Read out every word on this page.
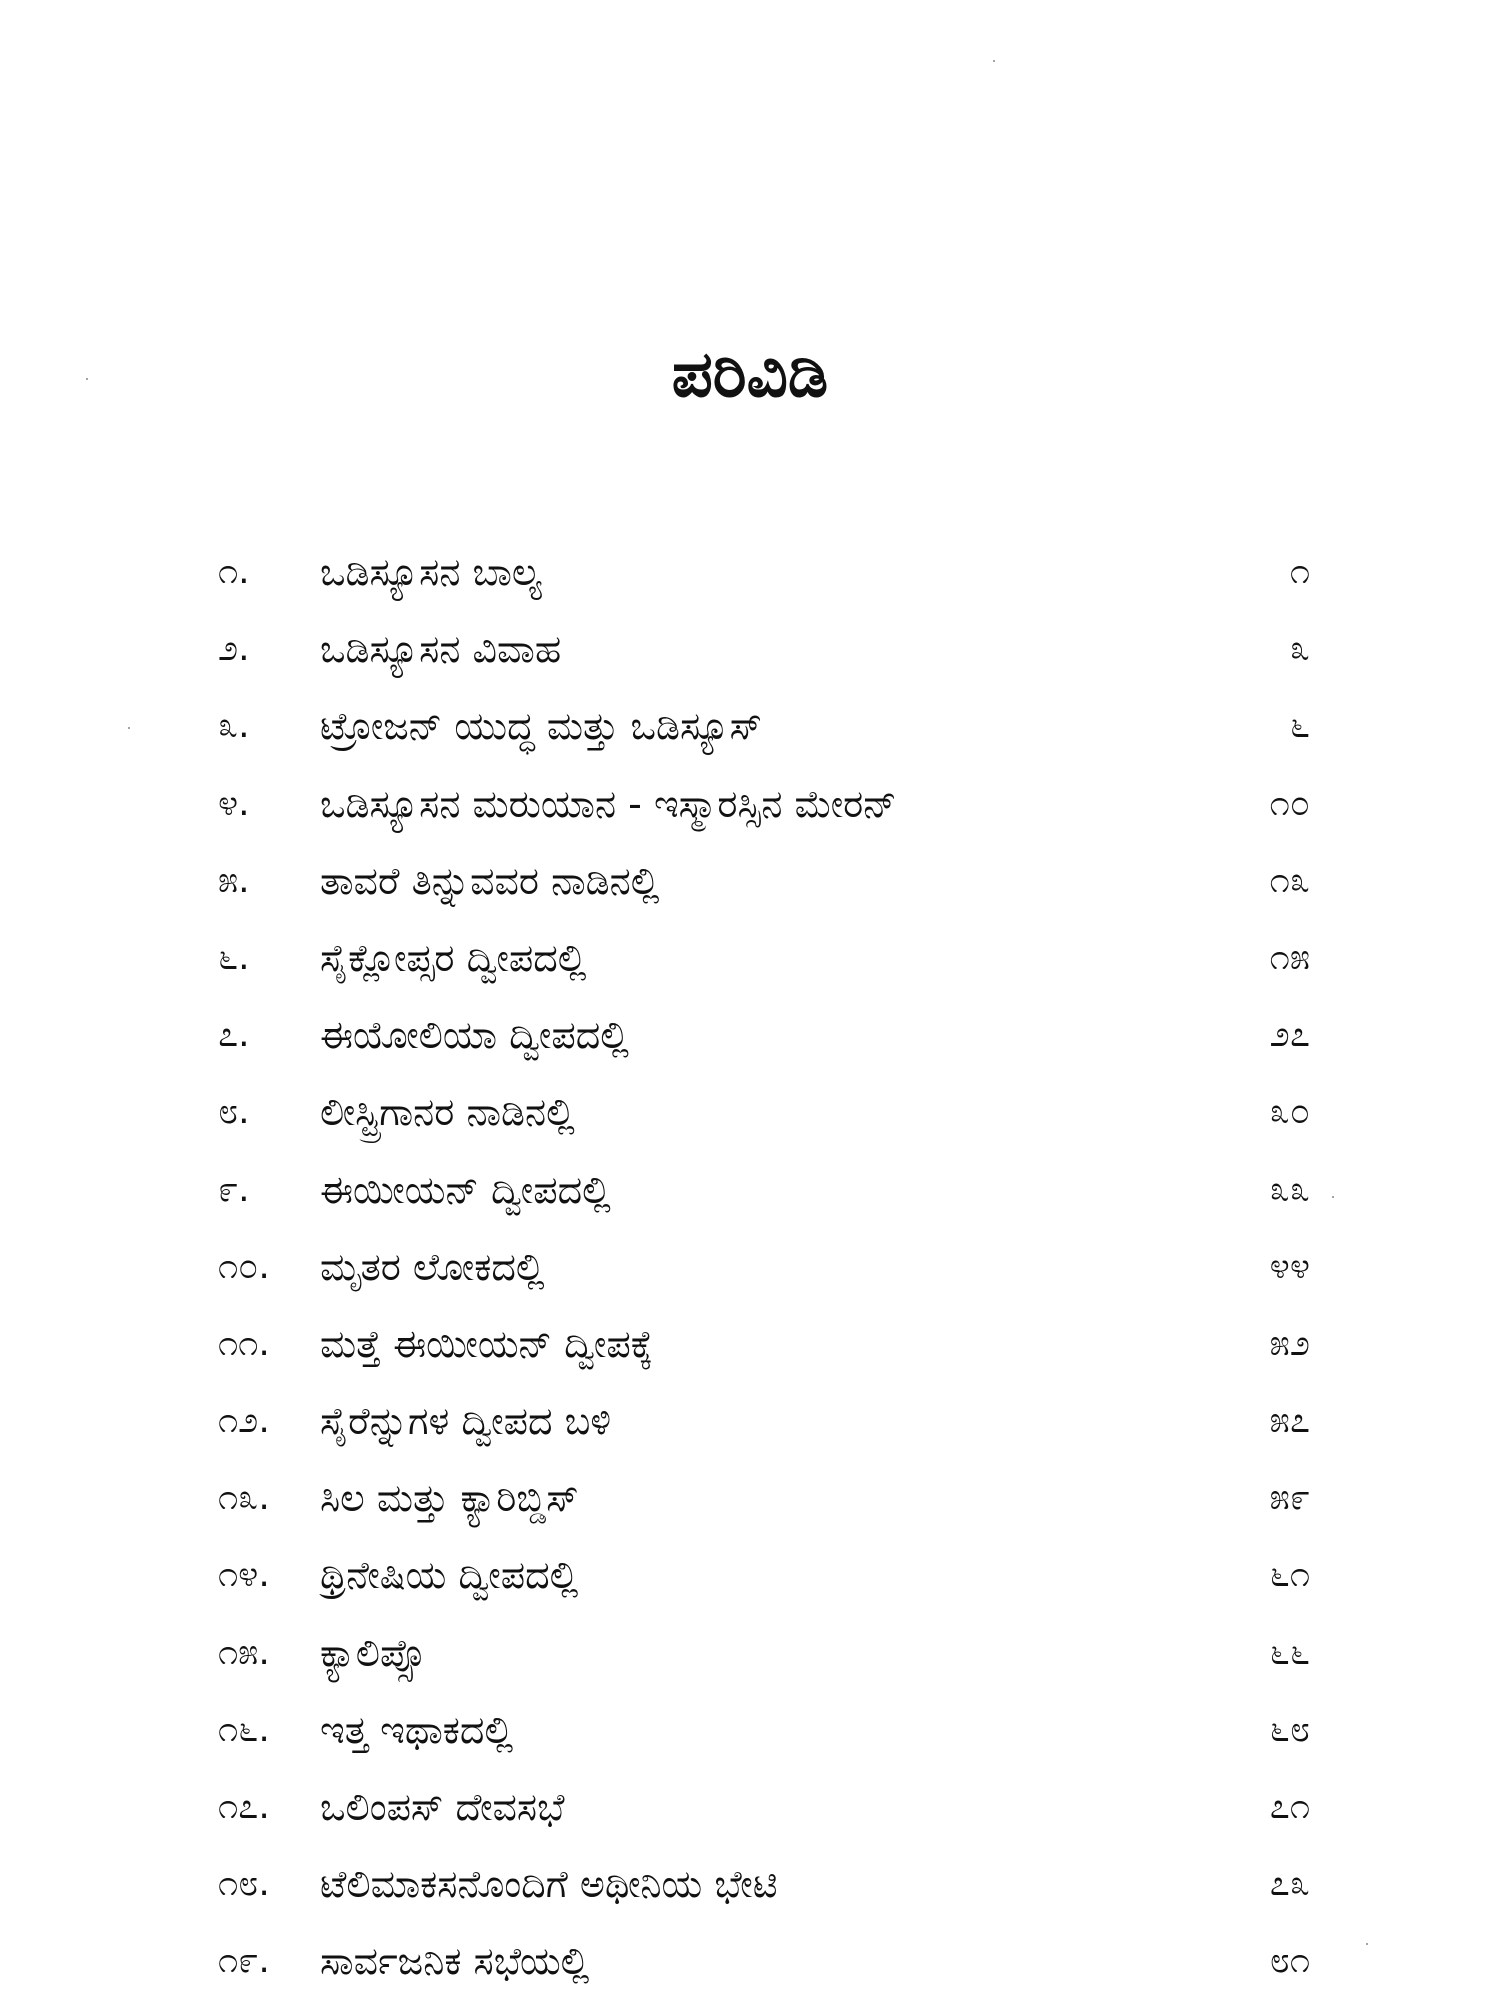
ಪರಿವಿಡಿ
೧. ಒಡಿಸ್ಯೂಸನ ಬಾಲ್ಯ	೧
೨. ಒಡಿಸ್ಯೂಸನ ವಿವಾಹ	೩
೩. ಟ್ರೋಜನ್ ಯುದ್ಧ ಮತ್ತು ಒಡಿಸ್ಯೂಸ್	೬
೪. ಒಡಿಸ್ಯೂಸನ ಮರುಯಾನ - ಇಸ್ಮಾರಸ್ಸಿನ ಮೇರನ್	೧೦
೫. ತಾವರೆ ತಿನ್ನುವವರ ನಾಡಿನಲ್ಲಿ	೧೩
೬. ಸೈಕ್ಲೋಪ್ಸರ ದ್ವೀಪದಲ್ಲಿ	೧೫
೭. ಈಯೋಲಿಯಾ ದ್ವೀಪದಲ್ಲಿ	೨೭
೮. ಲೀಸ್ಟ್ರಿಗಾನರ ನಾಡಿನಲ್ಲಿ	೩೦
೯. ಈಯೀಯನ್ ದ್ವೀಪದಲ್ಲಿ	೩೩
೧೦. ಮೃತರ ಲೋಕದಲ್ಲಿ	೪೪
೧೧. ಮತ್ತೆ ಈಯೀಯನ್ ದ್ವೀಪಕ್ಕೆ	೫೨
೧೨. ಸೈರೆನ್ನುಗಳ ದ್ವೀಪದ ಬಳಿ	೫೭
೧೩. ಸಿಲ ಮತ್ತು ಕ್ಯಾರಿಬ್ಡಿಸ್	೫೯
೧೪. ಥ್ರಿನೇಷಿಯ ದ್ವೀಪದಲ್ಲಿ	೬೧
೧೫. ಕ್ಯಾಲಿಪ್ಸೊ	೬೬
೧೬. ಇತ್ತ ಇಥಾಕದಲ್ಲಿ	೬೮
೧೭. ಒಲಿಂಪಸ್ ದೇವಸಭೆ	೭೧
೧೮. ಟೆಲಿಮಾಕಸನೊಂದಿಗೆ ಅಥೀನಿಯ ಭೇಟಿ	೭೩
೧೯. ಸಾರ್ವಜನಿಕ ಸಭೆಯಲ್ಲಿ	೮೧
